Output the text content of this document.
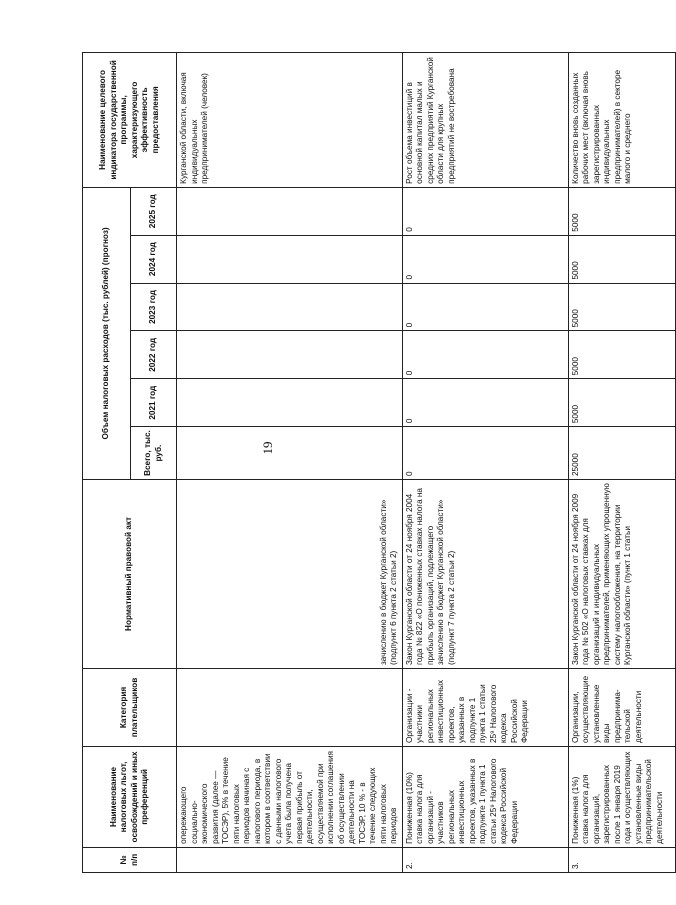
19
№ п/п	Наименование налоговых льгот, освобождений и иных преференций	Категория плательщиков	Нормативный правовой акт	Объем налоговых расходов (тыс. рублей) (прогноз)						Наименование целевого индикатора государственной программы, характеризующего эффективность предоставления
				Всего, тыс. руб.	2021 год	2022 год	2023 год	2024 год	2025 год	
	опережающего социально-экономического развития (далее — ТОСЭР), 5% в течение пяти налоговых периодов начиная с налогового периода, в котором в соответствии с данными налогового учета была получена первая прибыль от деятельности, осуществляемой при исполнении соглашения об осуществлении деятельности на ТОСЭР, 10 % - в течение следующих пяти налоговых периодов		зачислению в бюджет Курганской области» (подпункт 6 пункта 2 статьи 2)							Курганской области, включая индивидуальных предпринимателей (человек)
2.	Пониженная (10%) ставка налога для организаций - участников региональных инвестиционных проектов, указанных в подпункте 1 пункта 1 статьи 25⁹ Налогового кодекса Российской Федерации	Организации - участники региональных инвестиционных проектов, указанных в подпункте 1 пункта 1 статьи 25⁹ Налогового кодекса Российской Федерации	Закон Курганской области от 24 ноября 2004 года № 822 «О пониженных ставках налога на прибыль организаций, подлежащего зачислению в бюджет Курганской области» (подпункт 7 пункта 2 статьи 2)	0	0	0	0	0	0	Рост объема инвестиций в основной капитал малых и средних предприятий Курганской области для крупных предприятий не востребована
3.	Пониженная (1%) ставка налога для организаций, зарегистрированных после 1 января 2019 года и осуществляющих установленные виды предпринимательской деятельности	Организации, осуществляющие установленные виды предпринима-тельской деятельности	Закон Курганской области от 24 ноября 2009 года № 502 «О налоговых ставках для организаций и индивидуальных предпринимателей, применяющих упрощенную систему налогообложения, на территории Курганской области» (пункт 1 статьи	25000	5000	5000	5000	5000	5000	Количество вновь созданных рабочих мест (включая вновь зарегистрированных индивидуальных предпринимателей) в секторе малого и среднего
